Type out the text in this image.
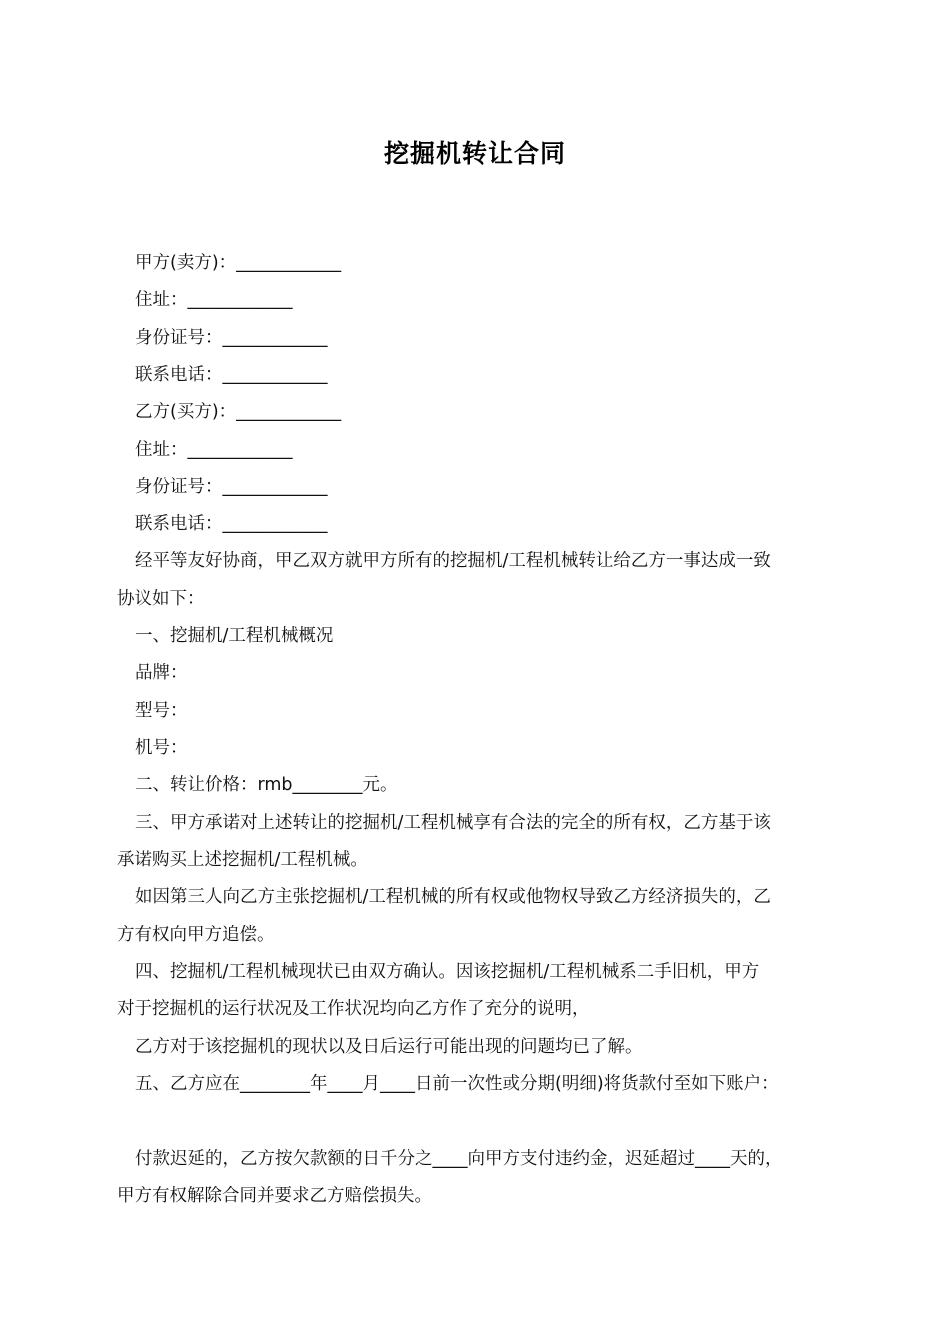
挖掘机转让合同
甲方(卖方)：____________
住址：____________
身份证号：____________
联系电话：____________
乙方(买方)：____________
住址：____________
身份证号：____________
联系电话：____________
经平等友好协商，甲乙双方就甲方所有的挖掘机/工程机械转让给乙方一事达成一致
协议如下：
一、挖掘机/工程机械概况
品牌：
型号：
机号：
二、转让价格：rmb________元。
三、甲方承诺对上述转让的挖掘机/工程机械享有合法的完全的所有权，乙方基于该
承诺购买上述挖掘机/工程机械。
如因第三人向乙方主张挖掘机/工程机械的所有权或他物权导致乙方经济损失的，乙
方有权向甲方追偿。
四、挖掘机/工程机械现状已由双方确认。因该挖掘机/工程机械系二手旧机，甲方
对于挖掘机的运行状况及工作状况均向乙方作了充分的说明，
乙方对于该挖掘机的现状以及日后运行可能出现的问题均已了解。
五、乙方应在________年____月____日前一次性或分期(明细)将货款付至如下账户：
付款迟延的，乙方按欠款额的日千分之____向甲方支付违约金，迟延超过____天的，
甲方有权解除合同并要求乙方赔偿损失。
